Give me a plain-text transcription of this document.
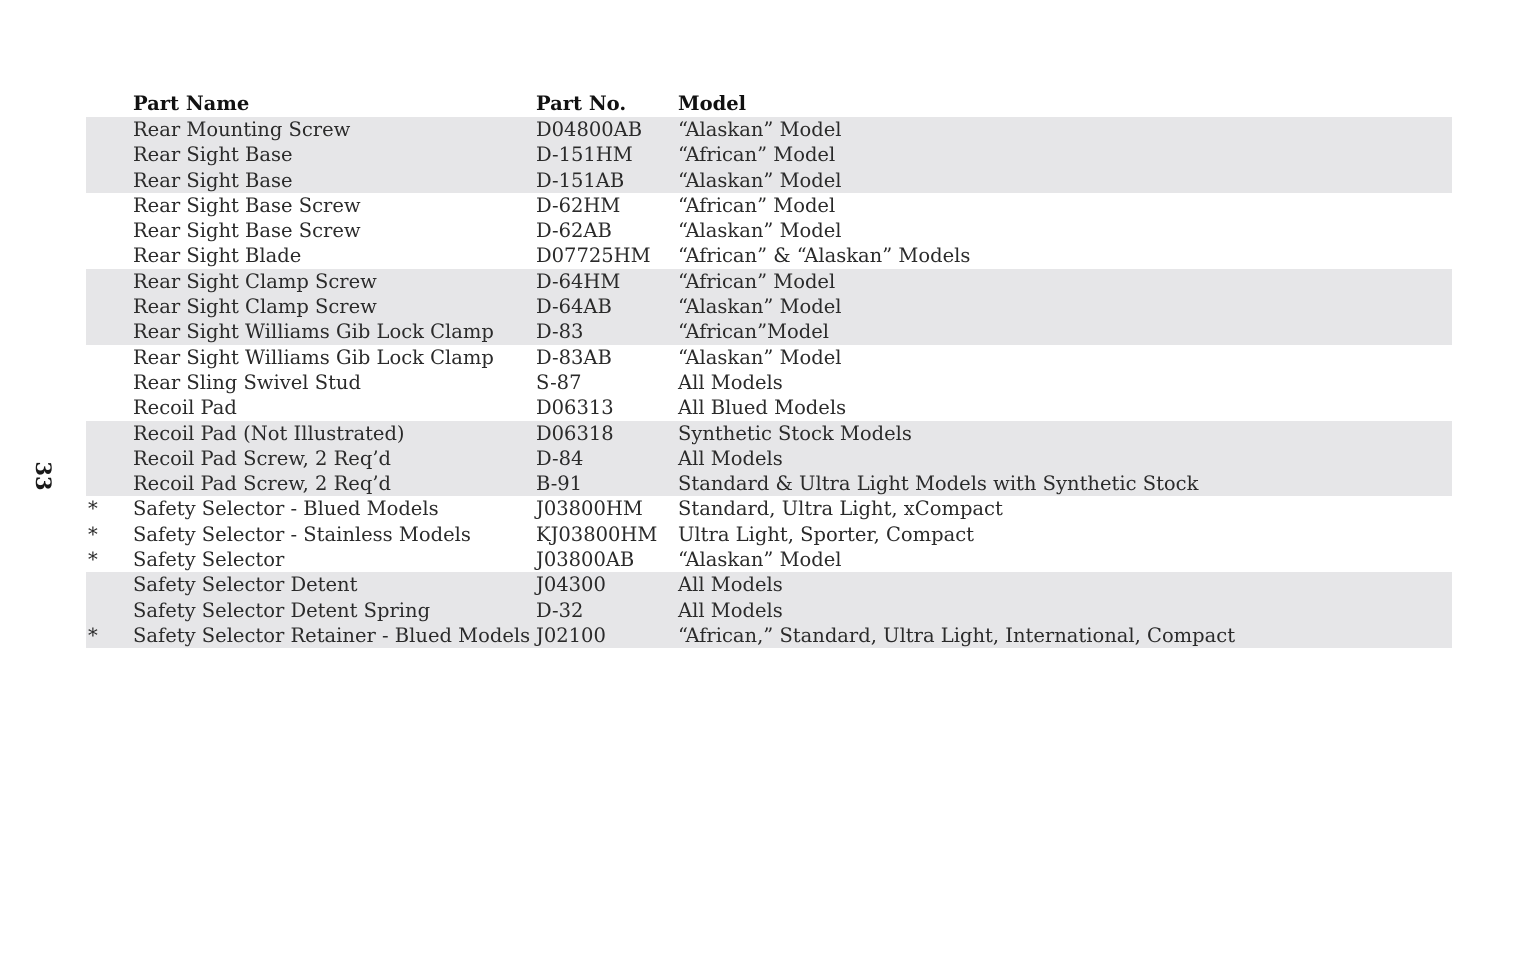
33
Part Name	Part No.	Model
Rear Mounting Screw	D04800AB “Alaskan” Model
Rear Sight Base	D-151HM “African” Model
Rear Sight Base	D-151AB	“Alaskan” Model
Rear Sight Base Screw	D-62HM	“African” Model
Rear Sight Base Screw	D-62AB	“Alaskan” Model
Rear Sight Blade	D07725HM “African” & “Alaskan” Models
Rear Sight Clamp Screw	D-64HM	“African” Model
Rear Sight Clamp Screw	D-64AB	“Alaskan” Model
Rear Sight Williams Gib Lock Clamp D-83	“African”Model
Rear Sight Williams Gib Lock Clamp D-83AB	“Alaskan” Model
Rear Sling Swivel Stud	S-87	All Models
Recoil Pad	D06313	All Blued Models
Recoil Pad (Not Illustrated)	D06318	Synthetic Stock Models
Recoil Pad Screw, 2 Req’d	D-84	All Models
Recoil Pad Screw, 2 Req’d	B-91	Standard & Ultra Light Models with Synthetic Stock
*	Safety Selector - Blued Models	J03800HM Standard, Ultra Light, xCompact
*	Safety Selector - Stainless Models	KJ03800HM Ultra Light, Sporter, Compact
*	Safety Selector	J03800AB “Alaskan” Model
Safety Selector Detent	J04300	All Models
Safety Selector Detent Spring	D-32	All Models
*	Safety Selector Retainer - Blued Models J02100	“African,” Standard, Ultra Light, International, Compact
